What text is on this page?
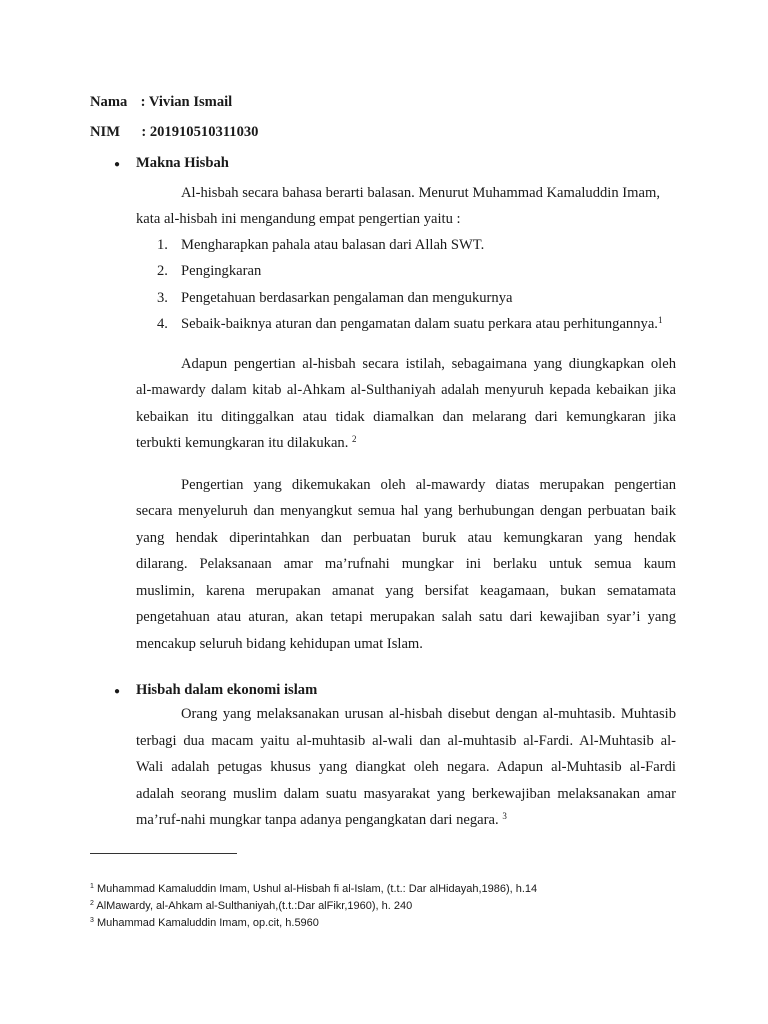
Nama : Vivian Ismail
NIM : 201910510311030
● Makna Hisbah
Al-hisbah secara bahasa berarti balasan. Menurut Muhammad Kamaluddin Imam,
kata al-hisbah ini mengandung empat pengertian yaitu :
1. Mengharapkan pahala atau balasan dari Allah SWT.
2. Pengingkaran
3. Pengetahuan berdasarkan pengalaman dan mengukurnya
4. Sebaik-baiknya aturan dan pengamatan dalam suatu perkara atau perhitungannya.$^1$
Adapun pengertian al-hisbah secara istilah, sebagaimana yang diungkapkan oleh
al-mawardy dalam kitab al-Ahkam al-Sulthaniyah adalah menyuruh kepada kebaikan jika
kebaikan itu ditinggalkan atau tidak diamalkan dan melarang dari kemungkaran jika
terbukti kemungkaran itu dilakukan. $^2$
Pengertian yang dikemukakan oleh al-mawardy diatas merupakan pengertian
secara menyeluruh dan menyangkut semua hal yang berhubungan dengan perbuatan baik
yang hendak diperintahkan dan perbuatan buruk atau kemungkaran yang hendak
dilarang. Pelaksanaan amar ma’rufnahi mungkar ini berlaku untuk semua kaum
muslimin, karena merupakan amanat yang bersifat keagamaan, bukan sematamata
pengetahuan atau aturan, akan tetapi merupakan salah satu dari kewajiban syar’i yang
mencakup seluruh bidang kehidupan umat Islam.
● Hisbah dalam ekonomi islam
Orang yang melaksanakan urusan al-hisbah disebut dengan al-muhtasib. Muhtasib
terbagi dua macam yaitu al-muhtasib al-wali dan al-muhtasib al-Fardi. Al-Muhtasib al-
Wali adalah petugas khusus yang diangkat oleh negara. Adapun al-Muhtasib al-Fardi
adalah seorang muslim dalam suatu masyarakat yang berkewajiban melaksanakan amar
ma’ruf-nahi mungkar tanpa adanya pengangkatan dari negara. $^3$
$^1$ Muhammad Kamaluddin Imam, Ushul al-Hisbah fi al-Islam, (t.t.: Dar alHidayah,1986), h.14
$^2$ AlMawardy, al-Ahkam al-Sulthaniyah,(t.t.:Dar alFikr,1960), h. 240
$^3$ Muhammad Kamaluddin Imam, op.cit, h.5960
